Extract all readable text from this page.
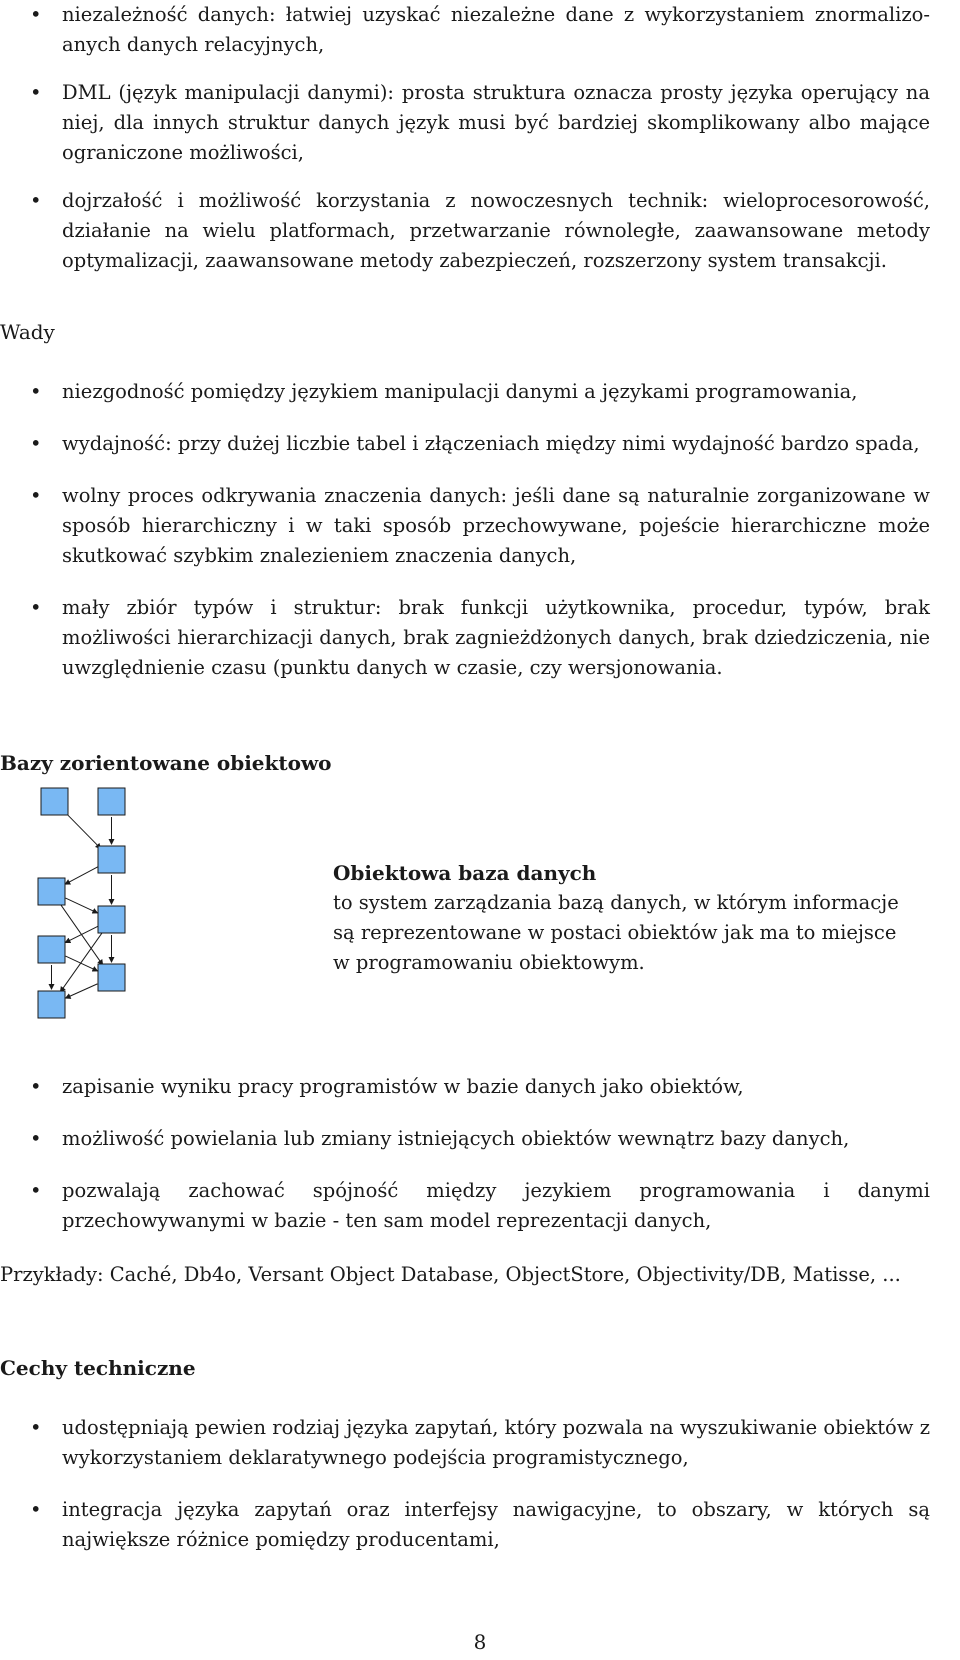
• niezależność danych: łatwiej uzyskać niezależne dane z wykorzystaniem znormalizo-anych danych relacyjnych,
• DML (język manipulacji danymi): prosta struktura oznacza prosty języka operujący na niej, dla innych struktur danych język musi być bardziej skomplikowany albo mające ograniczone możliwości,
• dojrzałość i możliwość korzystania z nowoczesnych technik: wieloprocesorowość, działanie na wielu platformach, przetwarzanie równoległe, zaawansowane metody optymalizacji, zaawansowane metody zabezpieczeń, rozszerzony system transakcji.
Wady
• niezgodność pomiędzy językiem manipulacji danymi a językami programowania,
• wydajność: przy dużej liczbie tabel i złączeniach między nimi wydajność bardzo spada,
• wolny proces odkrywania znaczenia danych: jeśli dane są naturalnie zorganizowane w sposób hierarchiczny i w taki sposób przechowywane, pojeście hierarchiczne może skutkować szybkim znalezieniem znaczenia danych,
• mały zbiór typów i struktur: brak funkcji użytkownika, procedur, typów, brak możliwości hierarchizacji danych, brak zagnieżdżonych danych, brak dziedziczenia, nie uwzględnienie czasu (punktu danych w czasie, czy wersjonowania.
Bazy zorientowane obiektowo
Obiektowa baza danych
to system zarządzania bazą danych, w którym informacje są reprezentowane w postaci obiektów jak ma to miejsce w programowaniu obiektowym.
• zapisanie wyniku pracy programistów w bazie danych jako obiektów,
• możliwość powielania lub zmiany istniejących obiektów wewnątrz bazy danych,
• pozwalają zachować spójność między jezykiem programowania i danymi przechowywanymi w bazie - ten sam model reprezentacji danych,
Przykłady: Caché, Db4o, Versant Object Database, ObjectStore, Objectivity/DB, Matisse, ...
Cechy techniczne
• udostępniają pewien rodziaj języka zapytań, który pozwala na wyszukiwanie obiektów z wykorzystaniem deklaratywnego podejścia programistycznego,
• integracja języka zapytań oraz interfejsy nawigacyjne, to obszary, w których są największe różnice pomiędzy producentami,
8
